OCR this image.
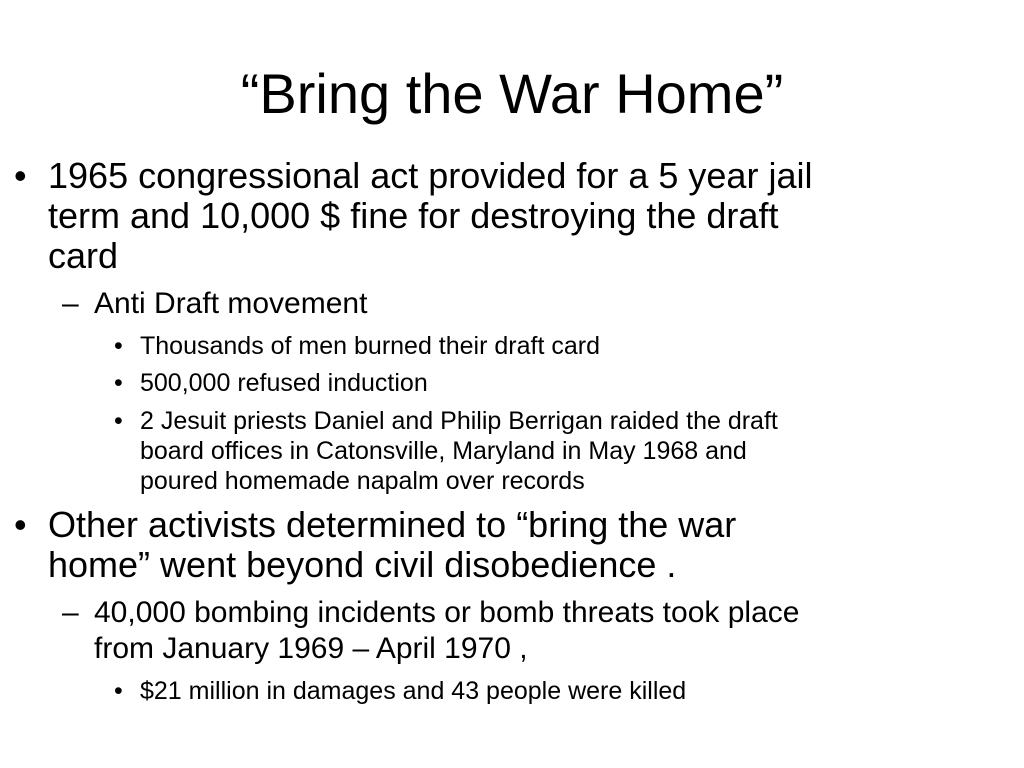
“Bring the War Home”
• 1965 congressional act provided for a 5 year jail
term and 10,000 $ fine for destroying the draft
card
– Anti Draft movement
• Thousands of men burned their draft card
• 500,000 refused induction
• 2 Jesuit priests Daniel and Philip Berrigan raided the draft
board offices in Catonsville, Maryland in May 1968 and
poured homemade napalm over records
• Other activists determined to “bring the war
home” went beyond civil disobedience .
– 40,000 bombing incidents or bomb threats took place
from January 1969 – April 1970 ,
• $21 million in damages and 43 people were killed
